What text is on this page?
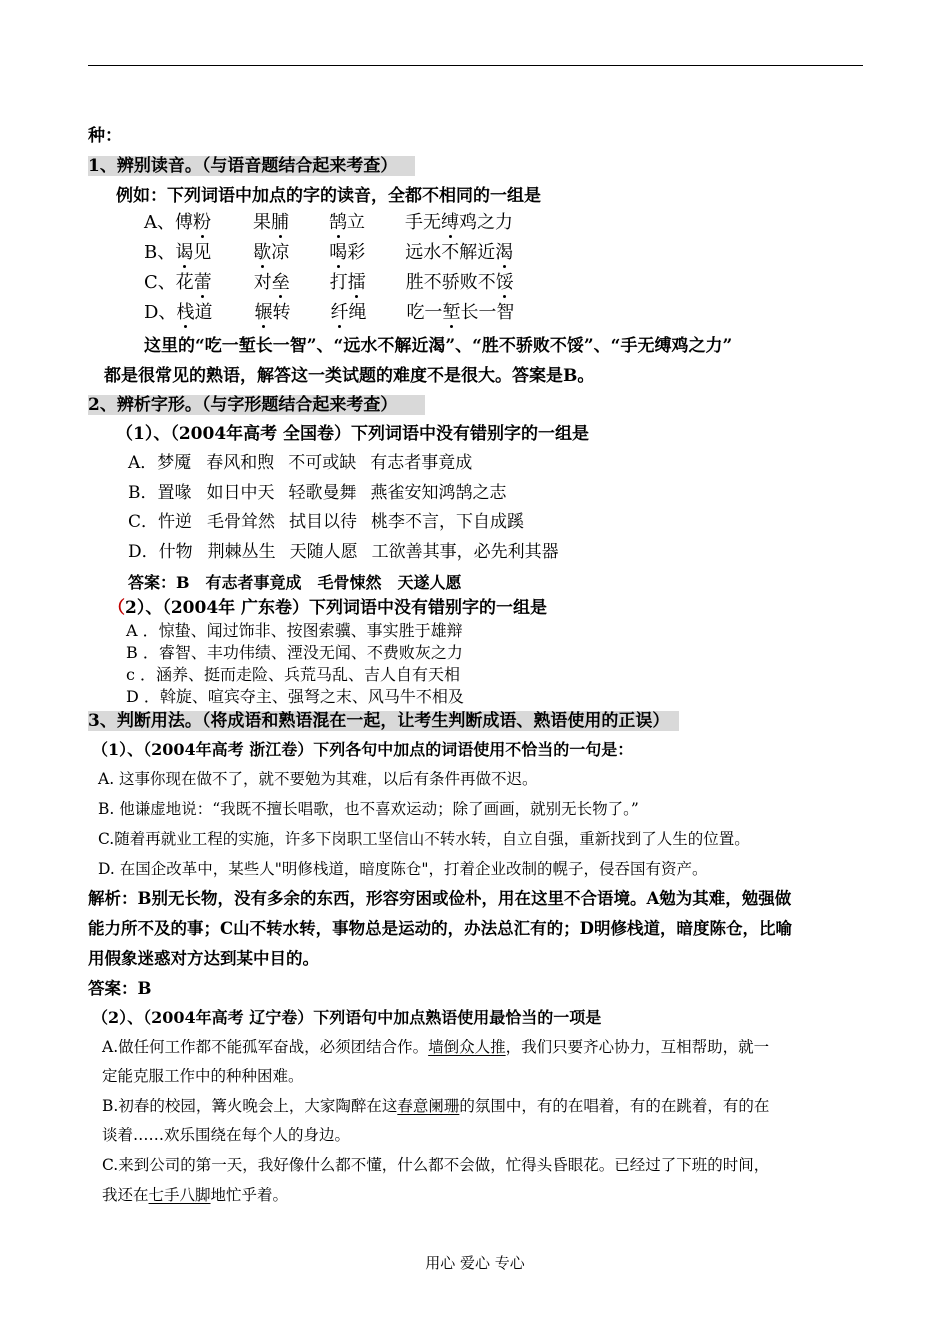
种：
1、辨别读音。（与语音题结合起来考查）
例如：下列词语中加点的字的读音，全都不相同的一组是
A、傅粉 果脯 鹄立 手无缚鸡之力
B、谒见 歇凉 喝彩 远水不解近渴
C、花蕾 对垒 打擂 胜不骄败不馁
D、栈道 辗转 纤绳 吃一堑长一智
这里的“吃一堑长一智”、“远水不解近渴”、“胜不骄败不馁”、“手无缚鸡之力”
都是很常见的熟语，解答这一类试题的难度不是很大。答案是B。
2、辨析字形。（与字形题结合起来考查）
（1）、（2004年高考 全国卷）下列词语中没有错别字的一组是
A．梦魇 春风和煦 不可或缺 有志者事竟成
B．置喙 如日中天 轻歌曼舞 燕雀安知鸿鹄之志
C．忤逆 毛骨耸然 拭目以待 桃李不言，下自成蹊
D．什物 荆棘丛生 天随人愿 工欲善其事，必先利其器
答案：B　有志者事竟成　毛骨悚然　天遂人愿
（2）、（2004年 广东卷）下列词语中没有错别字的一组是
A ．惊蛰、闻过饰非、按图索骥、事实胜于雄辩
B ．睿智、丰功伟绩、湮没无闻、不费败灰之力
c ．涵养、挺而走险、兵荒马乱、吉人自有天相
D ．斡旋、喧宾夺主、强弩之末、风马牛不相及
3、判断用法。（将成语和熟语混在一起，让考生判断成语、熟语使用的正误）
（1）、（2004年高考 浙江卷）下列各句中加点的词语使用不恰当的一句是：
A. 这事你现在做不了，就不要勉为其难，以后有条件再做不迟。
B. 他谦虚地说：“我既不擅长唱歌，也不喜欢运动；除了画画，就别无长物了。”
C.随着再就业工程的实施，许多下岗职工坚信山不转水转，自立自强，重新找到了人生的位置。
D. 在国企改革中，某些人"明修栈道，暗度陈仓"，打着企业改制的幌子，侵吞国有资产。
解析：B别无长物，没有多余的东西，形容穷困或俭朴，用在这里不合语境。A勉为其难，勉强做
能力所不及的事；C山不转水转，事物总是运动的，办法总汇有的；D明修栈道，暗度陈仓，比喻
用假象迷惑对方达到某中目的。
答案：B
（2）、（2004年高考 辽宁卷）下列语句中加点熟语使用最恰当的一项是
A.做任何工作都不能孤军奋战，必须团结合作。墙倒众人推，我们只要齐心协力，互相帮助，就一
定能克服工作中的种种困难。
B.初春的校园，篝火晚会上，大家陶醉在这春意阑珊的氛围中，有的在唱着，有的在跳着，有的在
谈着……欢乐围绕在每个人的身边。
C.来到公司的第一天，我好像什么都不懂，什么都不会做，忙得头昏眼花。已经过了下班的时间，
我还在七手八脚地忙乎着。
用心 爱心 专心
